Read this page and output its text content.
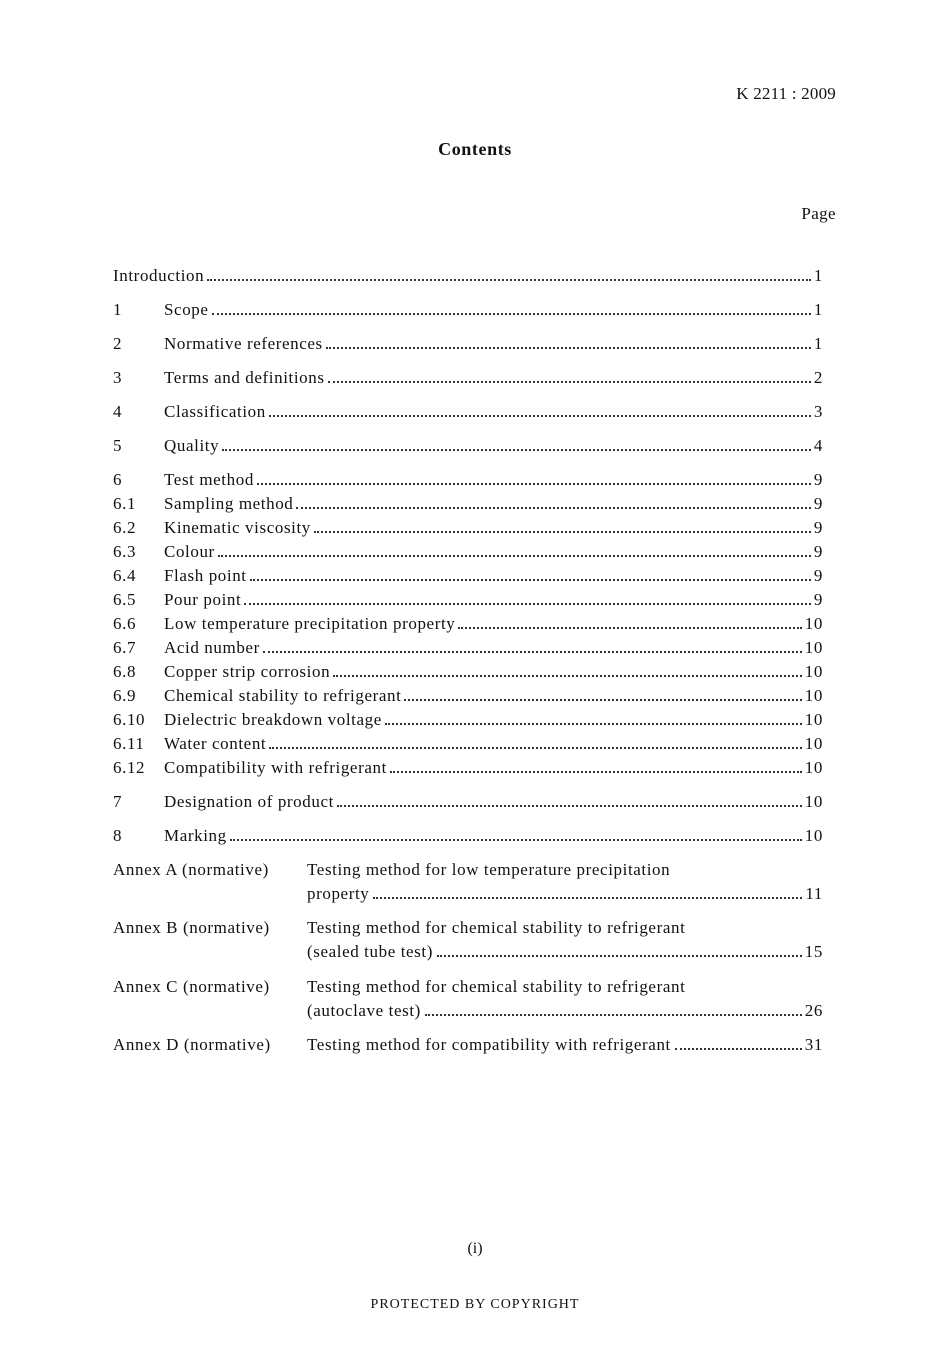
K 2211 : 2009
Contents
Page
Introduction	1
1	Scope	1
2	Normative references	1
3	Terms and definitions	2
4	Classification	3
5	Quality	4
6	Test method	9
6.1	Sampling method	9
6.2	Kinematic viscosity	9
6.3	Colour	9
6.4	Flash point	9
6.5	Pour point	9
6.6	Low temperature precipitation property	10
6.7	Acid number	10
6.8	Copper strip corrosion	10
6.9	Chemical stability to refrigerant	10
6.10	Dielectric breakdown voltage	10
6.11	Water content	10
6.12	Compatibility with refrigerant	10
7	Designation of product	10
8	Marking	10
Annex A (normative) Testing method for low temperature precipitation
property	11
Annex B (normative) Testing method for chemical stability to refrigerant
(sealed tube test)	15
Annex C (normative) Testing method for chemical stability to refrigerant
(autoclave test)	26
Annex D (normative) Testing method for compatibility with refrigerant	31
(i)
PROTECTED BY COPYRIGHT
